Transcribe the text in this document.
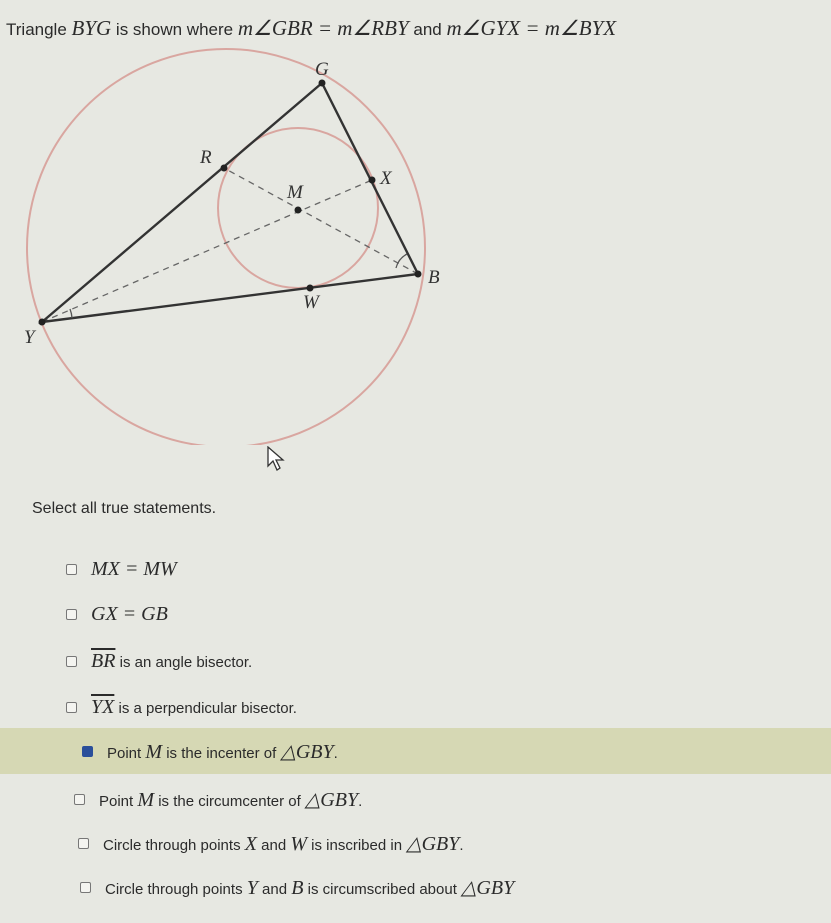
Triangle BYG is shown where m∠GBR = m∠RBY and m∠GYX = m∠BYX
G
R
M
X
B
W
Y
Select all true statements.
MX = MW
GX = GB
$\overline{BR}$ is an angle bisector.
$\overline{YX}$ is a perpendicular bisector.
Point M is the incenter of △GBY.
Point M is the circumcenter of △GBY.
Circle through points X and W is inscribed in △GBY.
Circle through points Y and B is circumscribed about △GBY
